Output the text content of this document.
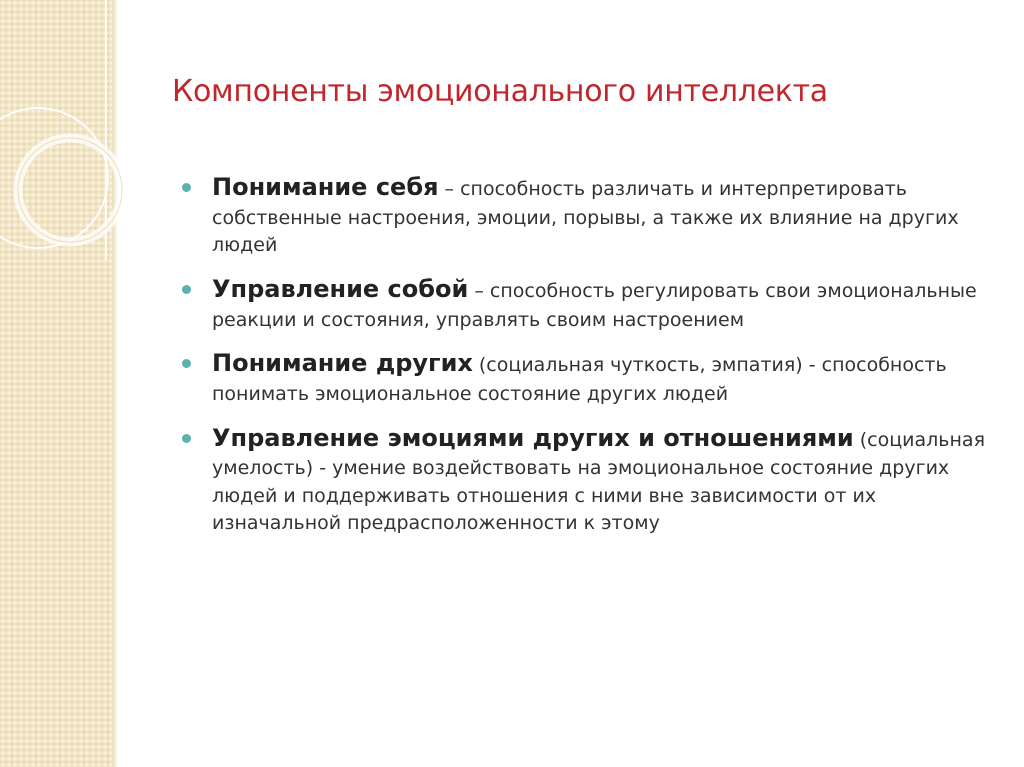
Компоненты эмоционального интеллекта
Понимание себя – способность различать и интерпретировать собственные настроения, эмоции, порывы, а также их влияние на других людей
Управление собой – способность регулировать свои эмоциональные реакции и состояния, управлять своим настроением
Понимание других (социальная чуткость, эмпатия) - способность понимать эмоциональное состояние других людей
Управление эмоциями других и отношениями (социальная умелость) - умение воздействовать на эмоциональное состояние других людей и поддерживать отношения с ними вне зависимости от их изначальной предрасположенности к этому
